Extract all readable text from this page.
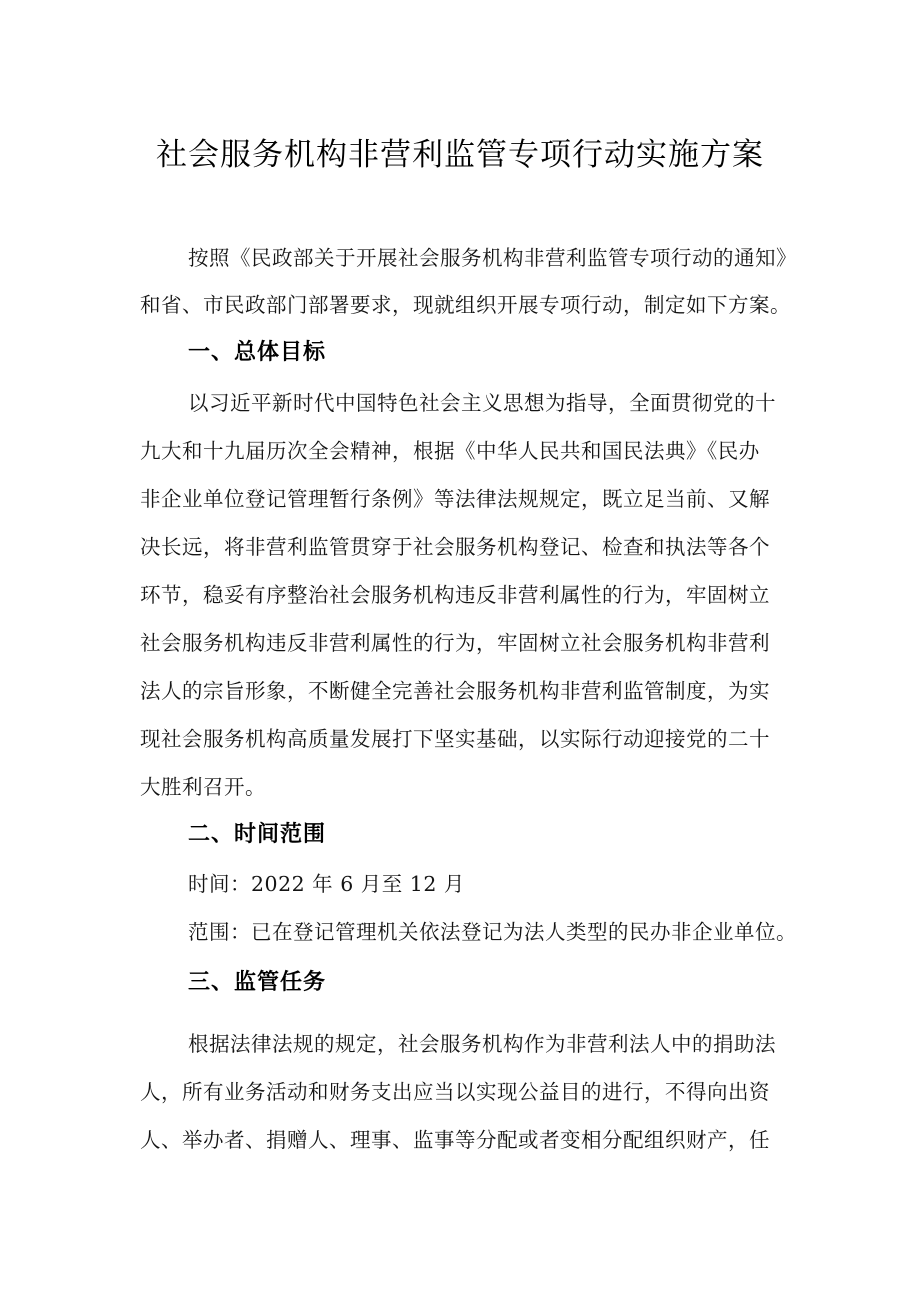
社会服务机构非营利监管专项行动实施方案
按照《民政部关于开展社会服务机构非营利监管专项行动的通知》
和省、市民政部门部署要求，现就组织开展专项行动，制定如下方案。
一、总体目标
以习近平新时代中国特色社会主义思想为指导，全面贯彻党的十
九大和十九届历次全会精神，根据《中华人民共和国民法典》《民办
非企业单位登记管理暂行条例》等法律法规规定，既立足当前、又解
决长远，将非营利监管贯穿于社会服务机构登记、检查和执法等各个
环节，稳妥有序整治社会服务机构违反非营利属性的行为，牢固树立
社会服务机构违反非营利属性的行为，牢固树立社会服务机构非营利
法人的宗旨形象，不断健全完善社会服务机构非营利监管制度，为实
现社会服务机构高质量发展打下坚实基础，以实际行动迎接党的二十
大胜利召开。
二、时间范围
时间：2022 年 6 月至 12 月
范围：已在登记管理机关依法登记为法人类型的民办非企业单位。
三、监管任务
根据法律法规的规定，社会服务机构作为非营利法人中的捐助法
人，所有业务活动和财务支出应当以实现公益目的进行，不得向出资
人、举办者、捐赠人、理事、监事等分配或者变相分配组织财产，任
